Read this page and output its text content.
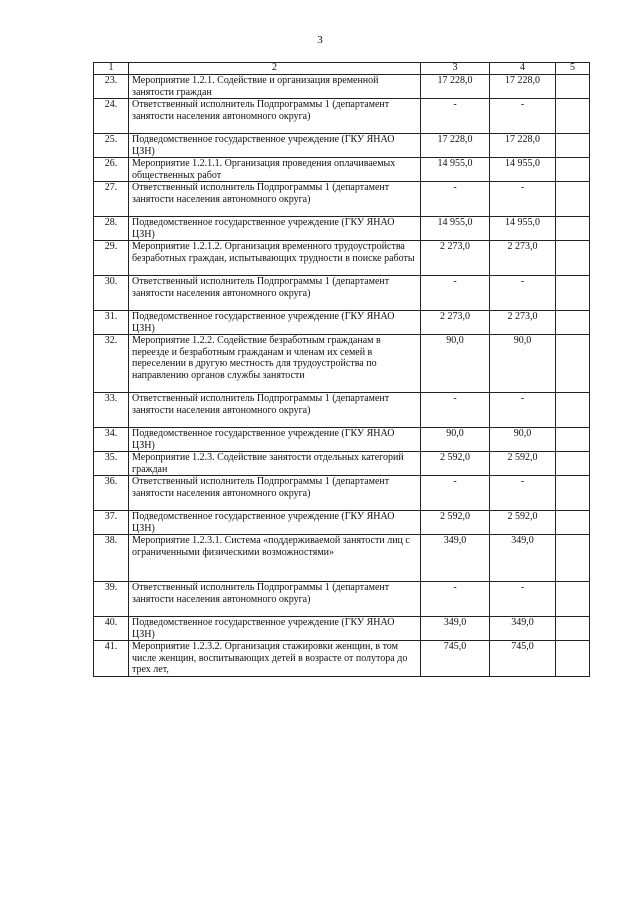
3
1	2	3	4	5
23.	Мероприятие 1.2.1. Содействие и организация временной занятости граждан	17 228,0	17 228,0	
24.	Ответственный исполнитель Подпрограммы 1 (департамент занятости населения автономного округа)	-	-	
25.	Подведомственное государственное учреждение (ГКУ ЯНАО ЦЗН)	17 228,0	17 228,0	
26.	Мероприятие 1.2.1.1. Организация проведения оплачиваемых общественных работ	14 955,0	14 955,0	
27.	Ответственный исполнитель Подпрограммы 1 (департамент занятости населения автономного округа)	-	-	
28.	Подведомственное государственное учреждение (ГКУ ЯНАО ЦЗН)	14 955,0	14 955,0	
29.	Мероприятие 1.2.1.2. Организация временного трудоустройства безработных граждан, испытывающих трудности в поиске работы	2 273,0	2 273,0	
30.	Ответственный исполнитель Подпрограммы 1 (департамент занятости населения автономного округа)	-	-	
31.	Подведомственное государственное учреждение (ГКУ ЯНАО ЦЗН)	2 273,0	2 273,0	
32.	Мероприятие 1.2.2. Содействие безработным гражданам в переезде и безработным гражданам и членам их семей в переселении в другую местность для трудоустройства по направлению органов службы занятости	90,0	90,0	
33.	Ответственный исполнитель Подпрограммы 1 (департамент занятости населения автономного округа)	-	-	
34.	Подведомственное государственное учреждение (ГКУ ЯНАО ЦЗН)	90,0	90,0	
35.	Мероприятие 1.2.3. Содействие занятости отдельных категорий граждан	2 592,0	2 592,0	
36.	Ответственный исполнитель Подпрограммы 1 (департамент занятости населения автономного округа)	-	-	
37.	Подведомственное государственное учреждение (ГКУ ЯНАО ЦЗН)	2 592,0	2 592,0	
38.	Мероприятие 1.2.3.1. Система «поддерживаемой занятости лиц с ограниченными физическими возможностями»	349,0	349,0	
39.	Ответственный исполнитель Подпрограммы 1 (департамент занятости населения автономного округа)	-	-	
40.	Подведомственное государственное учреждение (ГКУ ЯНАО ЦЗН)	349,0	349,0	
41.	Мероприятие 1.2.3.2. Организация стажировки женщин, в том числе женщин, воспитывающих детей в возрасте от полутора до трех лет,	745,0	745,0	
